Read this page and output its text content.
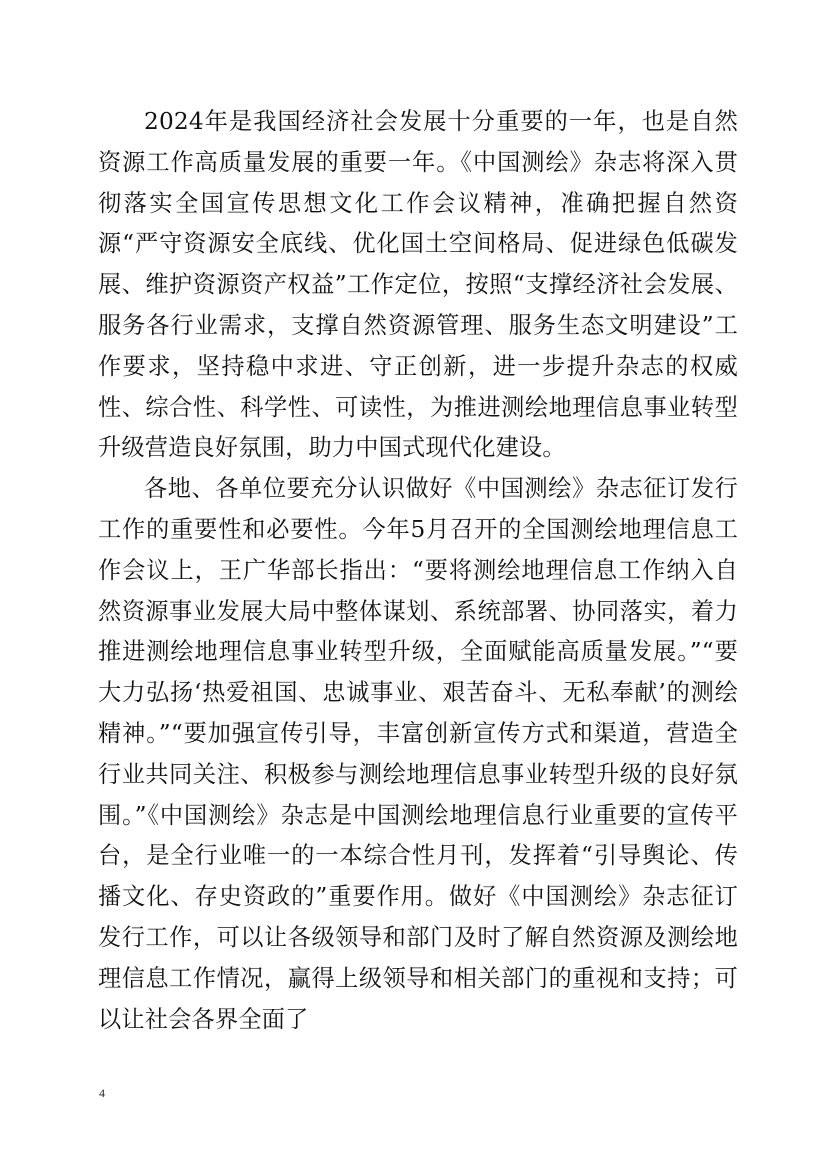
2024年是我国经济社会发展十分重要的一年，也是自然资源工作高质量发展的重要一年。《中国测绘》杂志将深入贯彻落实全国宣传思想文化工作会议精神，准确把握自然资源“严守资源安全底线、优化国土空间格局、促进绿色低碳发展、维护资源资产权益”工作定位，按照“支撑经济社会发展、服务各行业需求，支撑自然资源管理、服务生态文明建设”工作要求，坚持稳中求进、守正创新，进一步提升杂志的权威性、综合性、科学性、可读性，为推进测绘地理信息事业转型升级营造良好氛围，助力中国式现代化建设。

各地、各单位要充分认识做好《中国测绘》杂志征订发行工作的重要性和必要性。今年5月召开的全国测绘地理信息工作会议上，王广华部长指出：“要将测绘地理信息工作纳入自然资源事业发展大局中整体谋划、系统部署、协同落实，着力推进测绘地理信息事业转型升级，全面赋能高质量发展。”“要大力弘扬‘热爱祖国、忠诚事业、艰苦奋斗、无私奉献’的测绘精神。”“要加强宣传引导，丰富创新宣传方式和渠道，营造全行业共同关注、积极参与测绘地理信息事业转型升级的良好氛围。”《中国测绘》杂志是中国测绘地理信息行业重要的宣传平台，是全行业唯一的一本综合性月刊，发挥着“引导舆论、传播文化、存史资政的”重要作用。做好《中国测绘》杂志征订发行工作，可以让各级领导和部门及时了解自然资源及测绘地理信息工作情况，赢得上级领导和相关部门的重视和支持；可以让社会各界全面了

4
